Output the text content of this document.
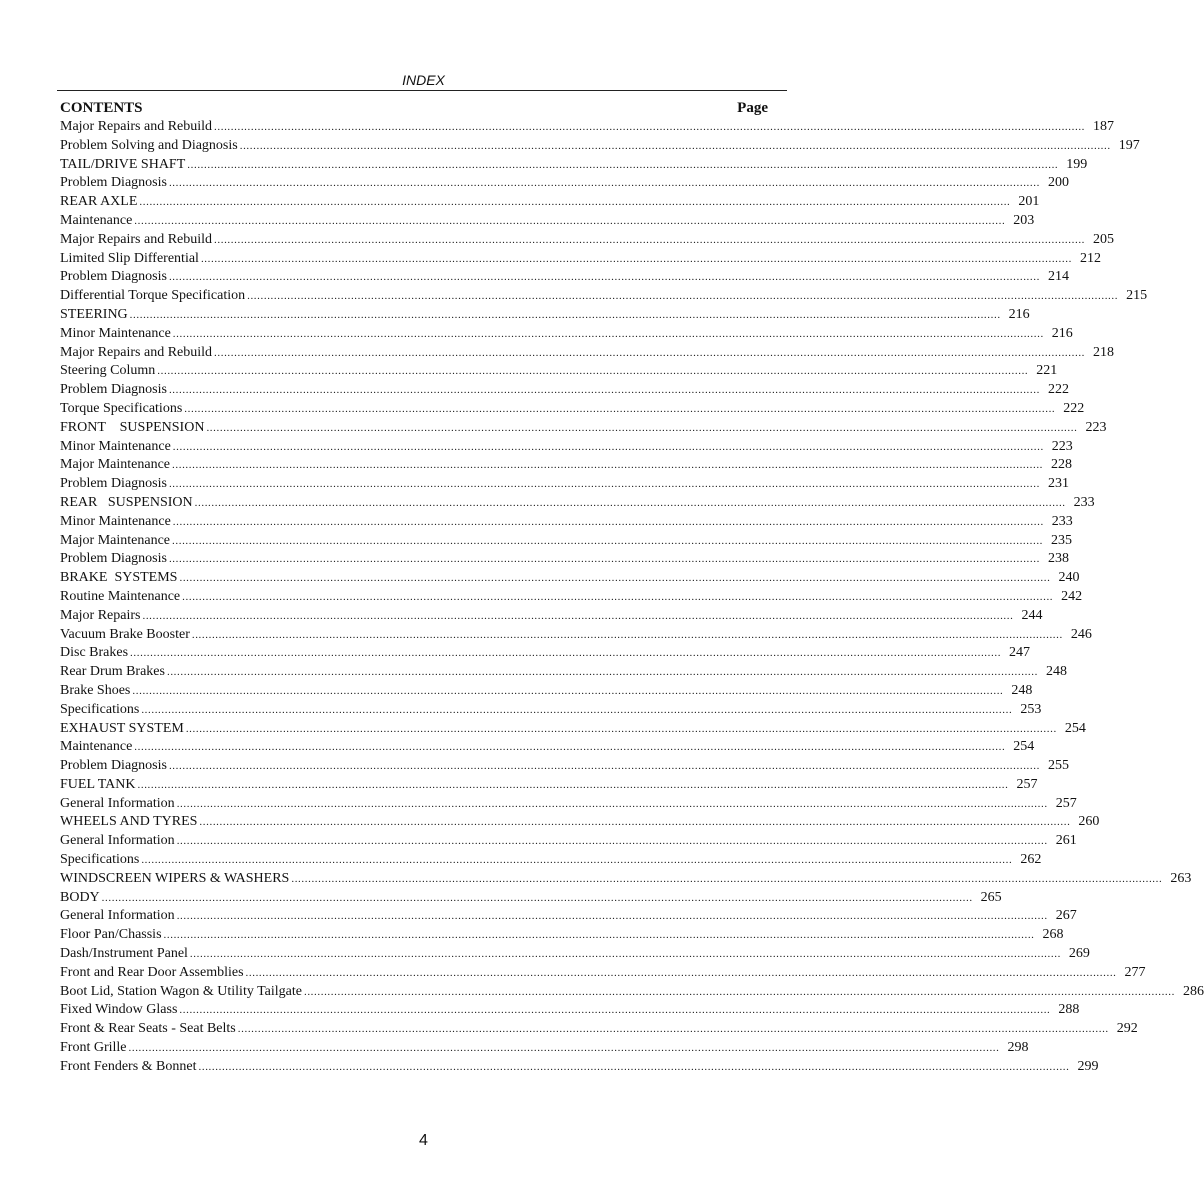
INDEX
CONTENTS	Page
Major Repairs and Rebuild .................................................................................................................................................................................................................................................................... 187
Problem Solving and Diagnosis .................................................................................................................................................................................................................................................................... 197
TAIL/DRIVE SHAFT .................................................................................................................................................................................................................................................................... 199
Problem Diagnosis .................................................................................................................................................................................................................................................................... 200
REAR AXLE .................................................................................................................................................................................................................................................................... 201
Maintenance .................................................................................................................................................................................................................................................................... 203
Major Repairs and Rebuild .................................................................................................................................................................................................................................................................... 205
Limited Slip Differential .................................................................................................................................................................................................................................................................... 212
Problem Diagnosis .................................................................................................................................................................................................................................................................... 214
Differential Torque Specification .................................................................................................................................................................................................................................................................... 215
STEERING .................................................................................................................................................................................................................................................................... 216
Minor Maintenance .................................................................................................................................................................................................................................................................... 216
Major Repairs and Rebuild .................................................................................................................................................................................................................................................................... 218
Steering Column .................................................................................................................................................................................................................................................................... 221
Problem Diagnosis .................................................................................................................................................................................................................................................................... 222
Torque Specifications .................................................................................................................................................................................................................................................................... 222
FRONT    SUSPENSION .................................................................................................................................................................................................................................................................... 223
Minor Maintenance .................................................................................................................................................................................................................................................................... 223
Major Maintenance .................................................................................................................................................................................................................................................................... 228
Problem Diagnosis .................................................................................................................................................................................................................................................................... 231
REAR   SUSPENSION .................................................................................................................................................................................................................................................................... 233
Minor Maintenance .................................................................................................................................................................................................................................................................... 233
Major Maintenance .................................................................................................................................................................................................................................................................... 235
Problem Diagnosis .................................................................................................................................................................................................................................................................... 238
BRAKE  SYSTEMS .................................................................................................................................................................................................................................................................... 240
Routine Maintenance .................................................................................................................................................................................................................................................................... 242
Major Repairs .................................................................................................................................................................................................................................................................... 244
Vacuum Brake Booster .................................................................................................................................................................................................................................................................... 246
Disc Brakes .................................................................................................................................................................................................................................................................... 247
Rear Drum Brakes .................................................................................................................................................................................................................................................................... 248
Brake Shoes .................................................................................................................................................................................................................................................................... 248
Specifications .................................................................................................................................................................................................................................................................... 253
EXHAUST SYSTEM .................................................................................................................................................................................................................................................................... 254
Maintenance .................................................................................................................................................................................................................................................................... 254
Problem Diagnosis .................................................................................................................................................................................................................................................................... 255
FUEL TANK .................................................................................................................................................................................................................................................................... 257
General Information .................................................................................................................................................................................................................................................................... 257
WHEELS AND TYRES .................................................................................................................................................................................................................................................................... 260
General Information .................................................................................................................................................................................................................................................................... 261
Specifications .................................................................................................................................................................................................................................................................... 262
WINDSCREEN WIPERS & WASHERS .................................................................................................................................................................................................................................................................... 263
BODY .................................................................................................................................................................................................................................................................... 265
General Information .................................................................................................................................................................................................................................................................... 267
Floor Pan/Chassis .................................................................................................................................................................................................................................................................... 268
Dash/Instrument Panel .................................................................................................................................................................................................................................................................... 269
Front and Rear Door Assemblies .................................................................................................................................................................................................................................................................... 277
Boot Lid, Station Wagon & Utility Tailgate .................................................................................................................................................................................................................................................................... 286
Fixed Window Glass .................................................................................................................................................................................................................................................................... 288
Front & Rear Seats - Seat Belts .................................................................................................................................................................................................................................................................... 292
Front Grille .................................................................................................................................................................................................................................................................... 298
Front Fenders & Bonnet .................................................................................................................................................................................................................................................................... 299
4
